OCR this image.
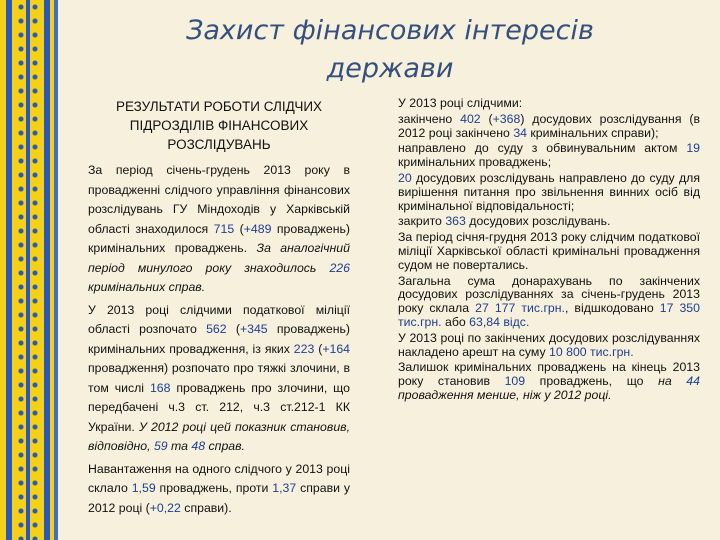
Захист фінансових інтересів
держави
РЕЗУЛЬТАТИ РОБОТИ СЛІДЧИХ
ПІДРОЗДІЛІВ ФІНАНСОВИХ
РОЗСЛІДУВАНЬ

За період січень-грудень 2013 року в провадженні слідчого управління фінансових розслідувань ГУ Міндоходів у Харківській області знаходилося 715 (+489 проваджень) кримінальних проваджень. За аналогічний період минулого року знаходилось 226 кримінальних справ.

У 2013 році слідчими податкової міліції області розпочато 562 (+345 проваджень) кримінальних провадження, із яких 223 (+164 провадження) розпочато про тяжкі злочини, в том числі 168 проваджень про злочини, що передбачені ч.3 ст. 212, ч.3 ст.212-1 КК України. У 2012 році цей показник становив, відповідно, 59 та 48 справ.

Навантаження на одного слідчого у 2013 році склало 1,59 проваджень, проти 1,37 справи у 2012 році (+0,22 справи).

У 2013 році слідчими:

закінчено 402 (+368) досудових розслідування (в 2012 році закінчено 34 кримінальних справи);

направлено до суду з обвинувальним актом 19 кримінальних проваджень;

20 досудових розслідувань направлено до суду для вирішення питання про звільнення винних осіб від кримінальної відповідальності;

закрито 363 досудових розслідувань.

За період січня-грудня 2013 року слідчим податкової міліції Харківської області кримінальні провадження судом не повертались.

Загальна сума донарахувань по закінчених досудових розслідуваннях за січень-грудень 2013 року склала 27 177 тис.грн., відшкодовано 17 350 тис.грн. або 63,84 відс.

У 2013 році по закінчених досудових розслідуваннях накладено арешт на суму 10 800 тис.грн.

Залишок кримінальних проваджень на кінець 2013 року становив 109 проваджень, що на 44 провадження менше, ніж у 2012 році.
